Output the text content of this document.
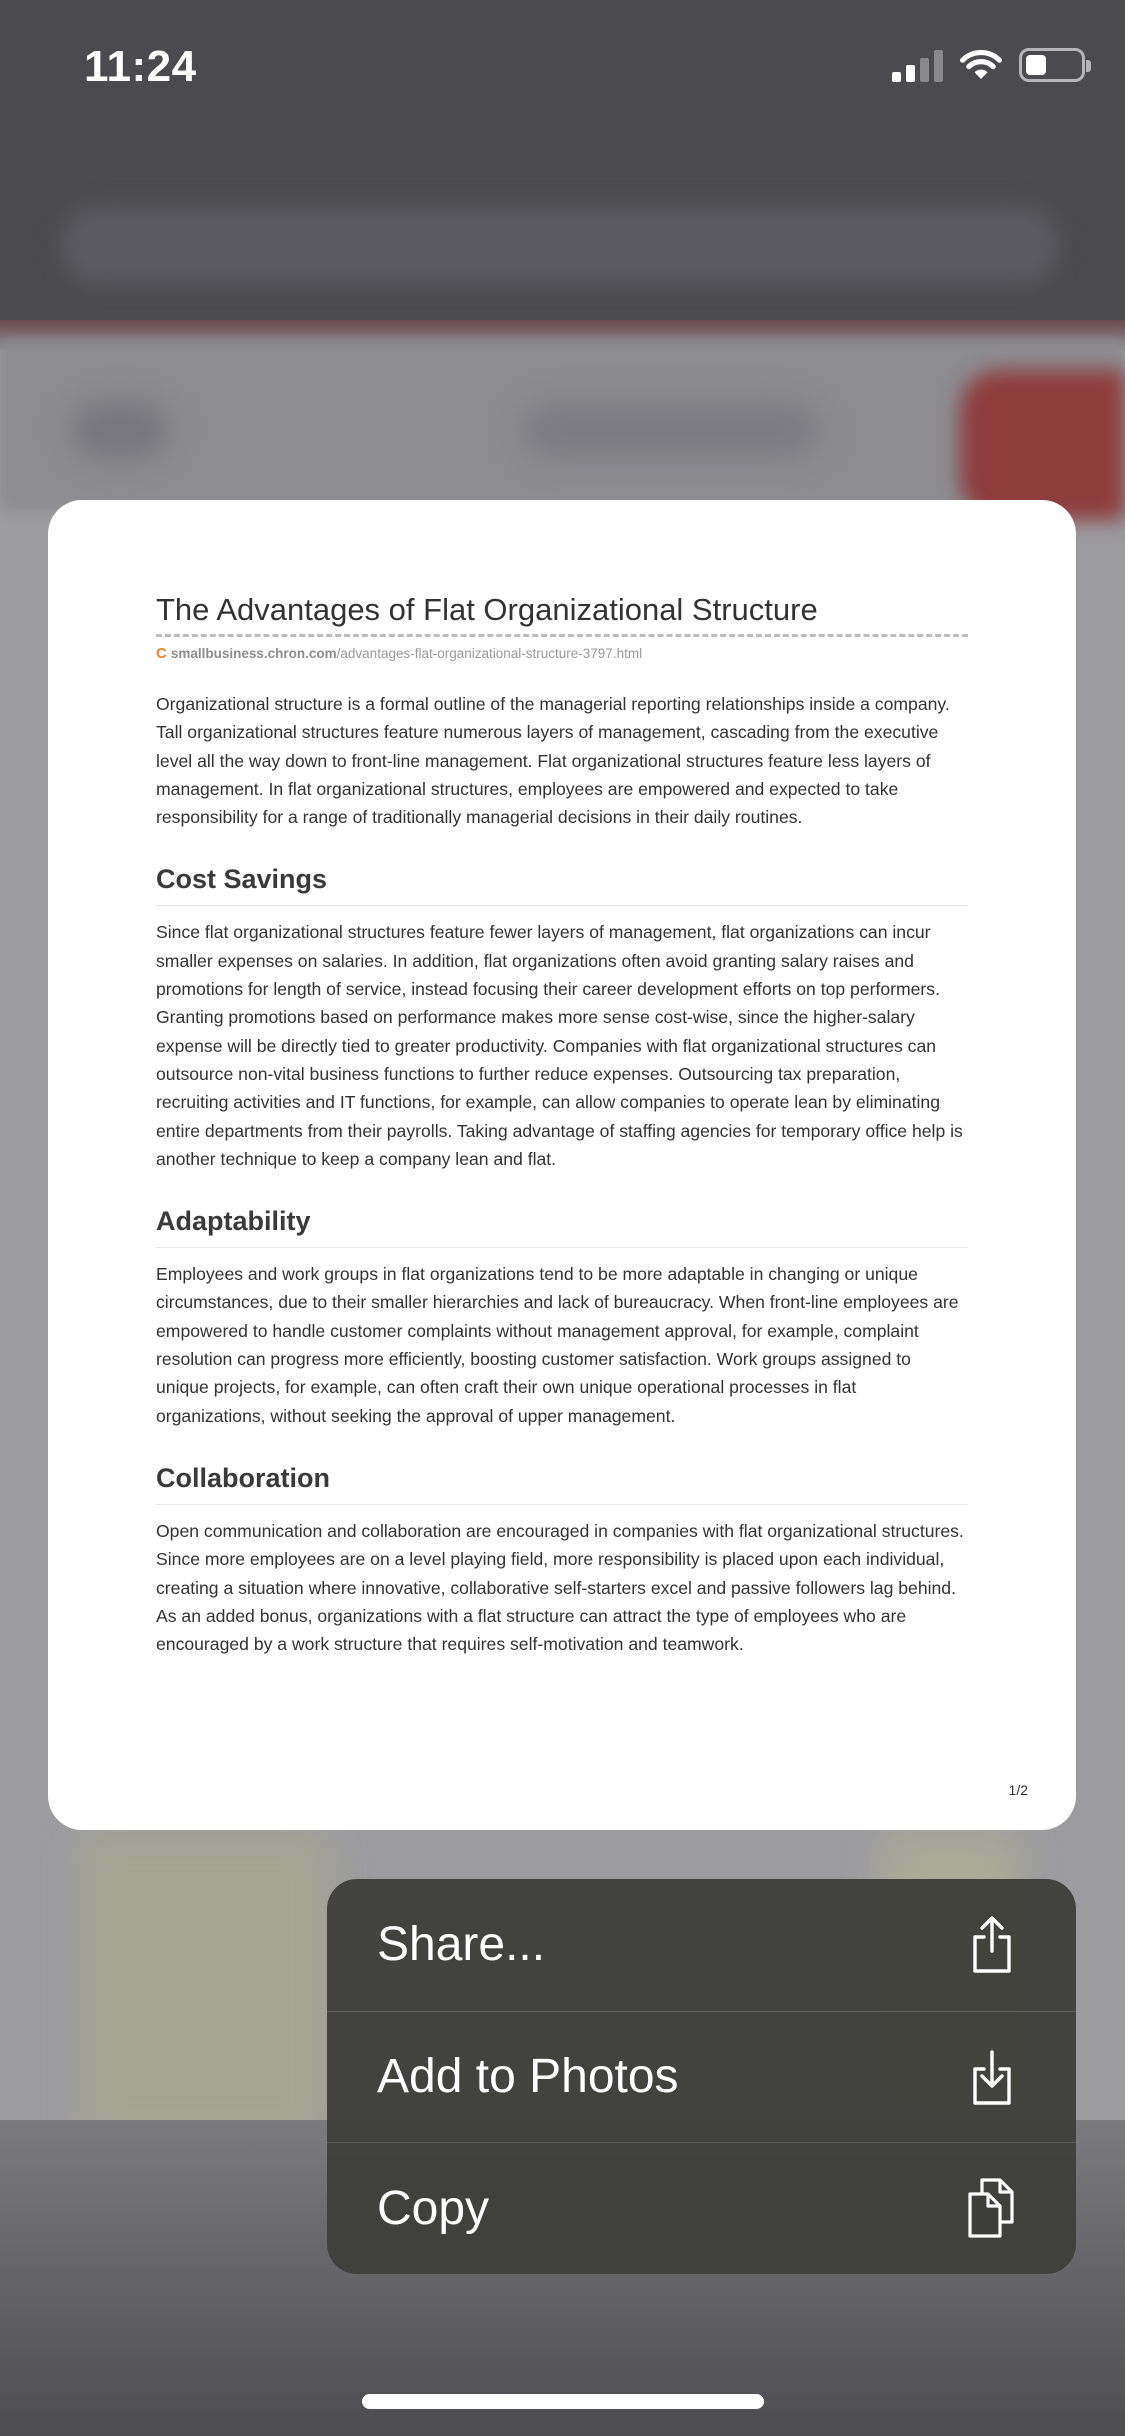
11:24
The Advantages of Flat Organizational Structure
C smallbusiness.chron.com/advantages-flat-organizational-structure-3797.html

Organizational structure is a formal outline of the managerial reporting relationships inside a company. Tall organizational structures feature numerous layers of management, cascading from the executive level all the way down to front-line management. Flat organizational structures feature less layers of management. In flat organizational structures, employees are empowered and expected to take responsibility for a range of traditionally managerial decisions in their daily routines.

Cost Savings

Since flat organizational structures feature fewer layers of management, flat organizations can incur smaller expenses on salaries. In addition, flat organizations often avoid granting salary raises and promotions for length of service, instead focusing their career development efforts on top performers. Granting promotions based on performance makes more sense cost-wise, since the higher-salary expense will be directly tied to greater productivity. Companies with flat organizational structures can outsource non-vital business functions to further reduce expenses. Outsourcing tax preparation, recruiting activities and IT functions, for example, can allow companies to operate lean by eliminating entire departments from their payrolls. Taking advantage of staffing agencies for temporary office help is another technique to keep a company lean and flat.

Adaptability

Employees and work groups in flat organizations tend to be more adaptable in changing or unique circumstances, due to their smaller hierarchies and lack of bureaucracy. When front-line employees are empowered to handle customer complaints without management approval, for example, complaint resolution can progress more efficiently, boosting customer satisfaction. Work groups assigned to unique projects, for example, can often craft their own unique operational processes in flat organizations, without seeking the approval of upper management.

Collaboration

Open communication and collaboration are encouraged in companies with flat organizational structures. Since more employees are on a level playing field, more responsibility is placed upon each individual, creating a situation where innovative, collaborative self-starters excel and passive followers lag behind. As an added bonus, organizations with a flat structure can attract the type of employees who are encouraged by a work structure that requires self-motivation and teamwork.

1/2
Share...
Add to Photos
Copy
